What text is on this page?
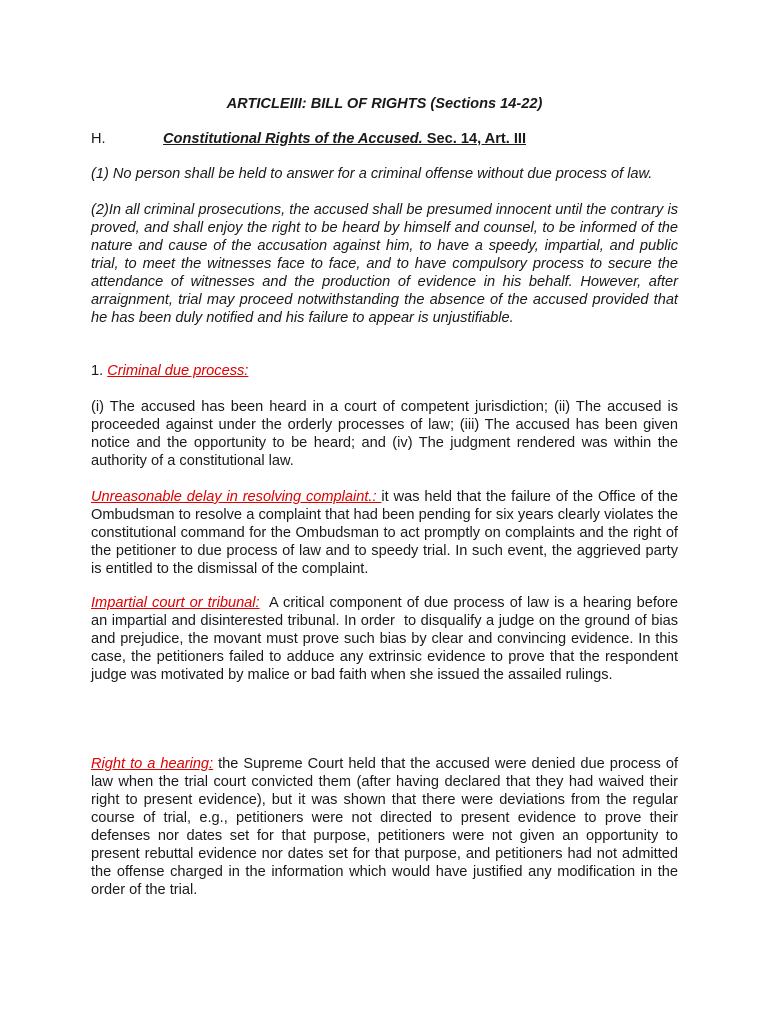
ARTICLEIII: BILL OF RIGHTS (Sections 14-22)
H.	Constitutional Rights of the Accused. Sec. 14, Art. III

(1) No person shall be held to answer for a criminal offense without due process of law.

(2)In all criminal prosecutions, the accused shall be presumed innocent until the contrary is proved, and shall enjoy the right to be heard by himself and counsel, to be informed of the nature and cause of the accusation against him, to have a speedy, impartial, and public trial, to meet the witnesses face to face, and to have compulsory process to secure the attendance of witnesses and the production of evidence in his behalf. However, after arraignment, trial may proceed notwithstanding the absence of the accused provided that he has been duly notified and his failure to appear is unjustifiable.

1. Criminal due process:

(i) The accused has been heard in a court of competent jurisdiction; (ii) The accused is proceeded against under the orderly processes of law; (iii) The accused has been given notice and the opportunity to be heard; and (iv) The judgment rendered was within the authority of a constitutional law.

Unreasonable delay in resolving complaint.: it was held that the failure of the Office of the Ombudsman to resolve a complaint that had been pending for six years clearly violates the constitutional command for the Ombudsman to act promptly on complaints and the right of the petitioner to due process of law and to speedy trial. In such event, the aggrieved party is entitled to the dismissal of the complaint.

Impartial court or tribunal:  A critical component of due process of law is a hearing before an impartial and disinterested tribunal. In order  to disqualify a judge on the ground of bias and prejudice, the movant must prove such bias by clear and convincing evidence. In this case, the petitioners failed to adduce any extrinsic evidence to prove that the respondent judge was motivated by malice or bad faith when she issued the assailed rulings.

Right to a hearing: the Supreme Court held that the accused were denied due process of law when the trial court convicted them (after having declared that they had waived their right to present evidence), but it was shown that there were deviations from the regular course of trial, e.g., petitioners were not directed to present evidence to prove their defenses nor dates set for that purpose, petitioners were not given an opportunity to present rebuttal evidence nor dates set for that purpose, and petitioners had not admitted the offense charged in the information which would have justified any modification in the order of the trial.
